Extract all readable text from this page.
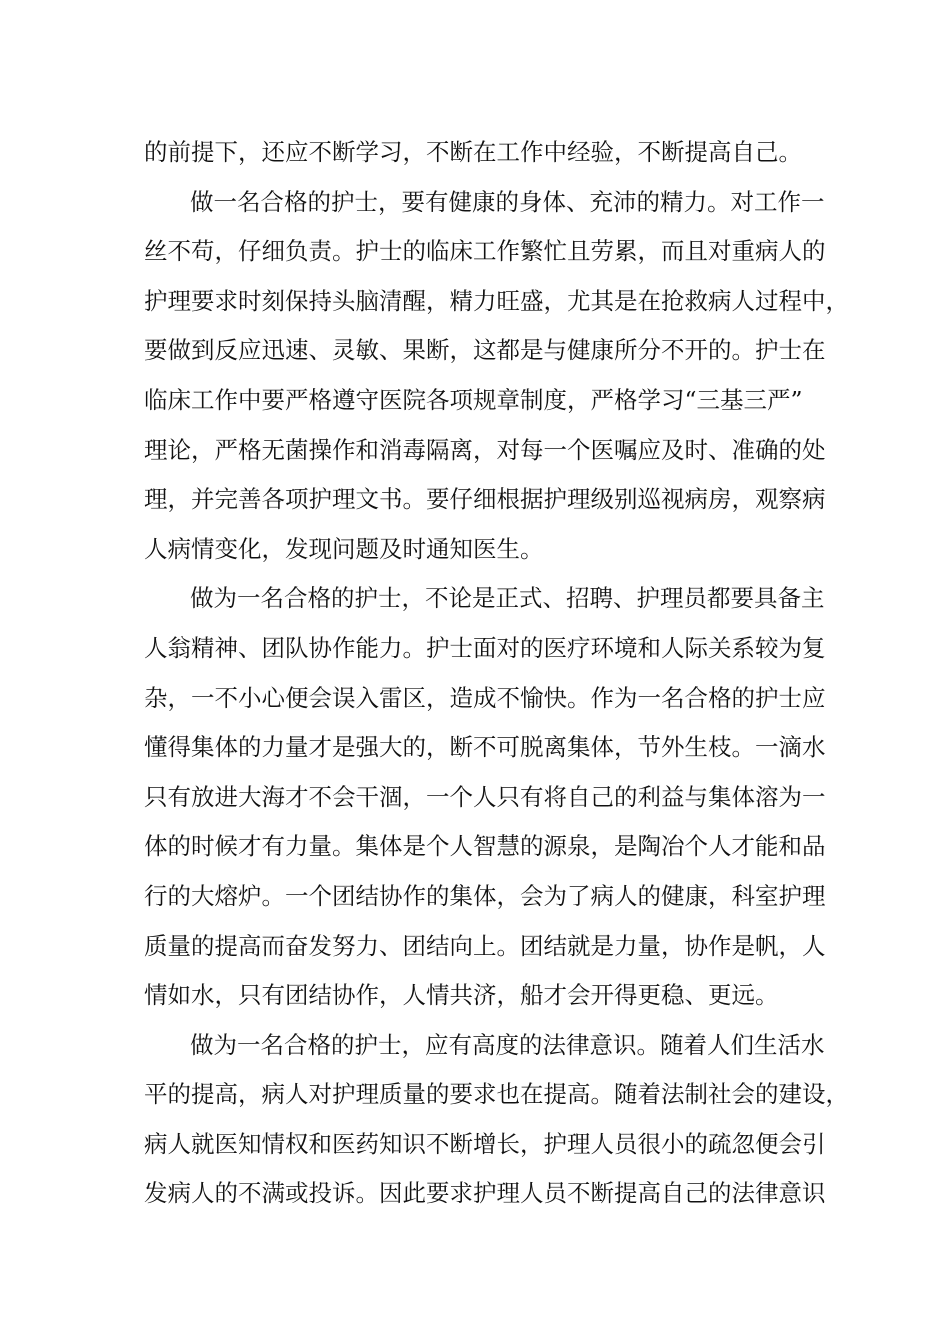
的前提下，还应不断学习，不断在工作中经验，不断提高自己。
做一名合格的护士，要有健康的身体、充沛的精力。对工作一
丝不苟，仔细负责。护士的临床工作繁忙且劳累，而且对重病人的
护理要求时刻保持头脑清醒，精力旺盛，尤其是在抢救病人过程中，
要做到反应迅速、灵敏、果断，这都是与健康所分不开的。护士在
临床工作中要严格遵守医院各项规章制度，严格学习“三基三严”
理论，严格无菌操作和消毒隔离，对每一个医嘱应及时、准确的处
理，并完善各项护理文书。要仔细根据护理级别巡视病房，观察病
人病情变化，发现问题及时通知医生。
做为一名合格的护士，不论是正式、招聘、护理员都要具备主
人翁精神、团队协作能力。护士面对的医疗环境和人际关系较为复
杂，一不小心便会误入雷区，造成不愉快。作为一名合格的护士应
懂得集体的力量才是强大的，断不可脱离集体，节外生枝。一滴水
只有放进大海才不会干涸，一个人只有将自己的利益与集体溶为一
体的时候才有力量。集体是个人智慧的源泉，是陶冶个人才能和品
行的大熔炉。一个团结协作的集体，会为了病人的健康，科室护理
质量的提高而奋发努力、团结向上。团结就是力量，协作是帆，人
情如水，只有团结协作，人情共济，船才会开得更稳、更远。
做为一名合格的护士，应有高度的法律意识。随着人们生活水
平的提高，病人对护理质量的要求也在提高。随着法制社会的建设，
病人就医知情权和医药知识不断增长，护理人员很小的疏忽便会引
发病人的不满或投诉。因此要求护理人员不断提高自己的法律意识
